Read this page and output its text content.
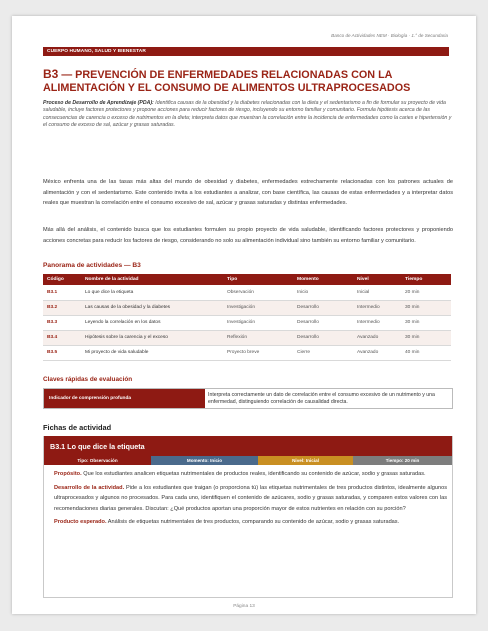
Banco de Actividades NEM · Biología · 1.° de Secundaria
CUERPO HUMANO, SALUD Y BIENESTAR
B3 — PREVENCIÓN DE ENFERMEDADES RELACIONADAS CON LA ALIMENTACIÓN Y EL CONSUMO DE ALIMENTOS ULTRAPROCESADOS
Proceso de Desarrollo de Aprendizaje (PDA): Identifica causas de la obesidad y la diabetes relacionadas con la dieta y el sedentarismo a fin de formular su proyecto de vida saludable, incluye factores protectores y propone acciones para reducir factores de riesgo, incluyendo su entorno familiar y comunitario. Formula hipótesis acerca de las consecuencias de carencia o exceso de nutrimentos en la dieta; interpreta datos que muestran la correlación entre la incidencia de enfermedades como la caries e hipertensión y el consumo de exceso de sal, azúcar y grasas saturadas.

México enfrenta una de las tasas más altas del mundo de obesidad y diabetes, enfermedades estrechamente relacionadas con los patrones actuales de alimentación y con el sedentarismo. Este contenido invita a los estudiantes a analizar, con base científica, las causas de estas enfermedades y a interpretar datos reales que muestran la correlación entre el consumo excesivo de sal, azúcar y grasas saturadas y distintas enfermedades.

Más allá del análisis, el contenido busca que los estudiantes formulen su propio proyecto de vida saludable, identificando factores protectores y proponiendo acciones concretas para reducir los factores de riesgo, considerando no solo su alimentación individual sino también su entorno familiar y comunitario.

Panorama de actividades — B3
Código	Nombre de la actividad	Tipo	Momento	Nivel	Tiempo
B3.1	Lo que dice la etiqueta	Observación	Inicio	Inicial	20 min
B3.2	Las causas de la obesidad y la diabetes	Investigación	Desarrollo	Intermedio	30 min
B3.3	Leyendo la correlación en los datos	Investigación	Desarrollo	Intermedio	30 min
B3.4	Hipótesis sobre la carencia y el exceso	Reflexión	Desarrollo	Avanzado	30 min
B3.5	Mi proyecto de vida saludable	Proyecto breve	Cierre	Avanzado	40 min
Claves rápidas de evaluación
Indicador de comprensión profunda
Interpreta correctamente un dato de correlación entre el consumo excesivo de un nutrimento y una enfermedad, distinguiendo correlación de causalidad directa.
Fichas de actividad
B3.1 Lo que dice la etiqueta
Tipo: Observación	Momento: Inicio	Nivel: Inicial	Tiempo: 20 min

Propósito. Que los estudiantes analicen etiquetas nutrimentales de productos reales, identificando su contenido de azúcar, sodio y grasas saturadas.

Desarrollo de la actividad. Pide a los estudiantes que traigan (o proporciona tú) las etiquetas nutrimentales de tres productos distintos, idealmente algunos ultraprocesados y algunos no procesados. Para cada uno, identifiquen el contenido de azúcares, sodio y grasas saturadas, y comparen estos valores con las recomendaciones diarias generales. Discutan: ¿Qué productos aportan una proporción mayor de estos nutrientes en relación con su porción?

Producto esperado. Análisis de etiquetas nutrimentales de tres productos, comparando su contenido de azúcar, sodio y grasas saturadas.

Página 13
